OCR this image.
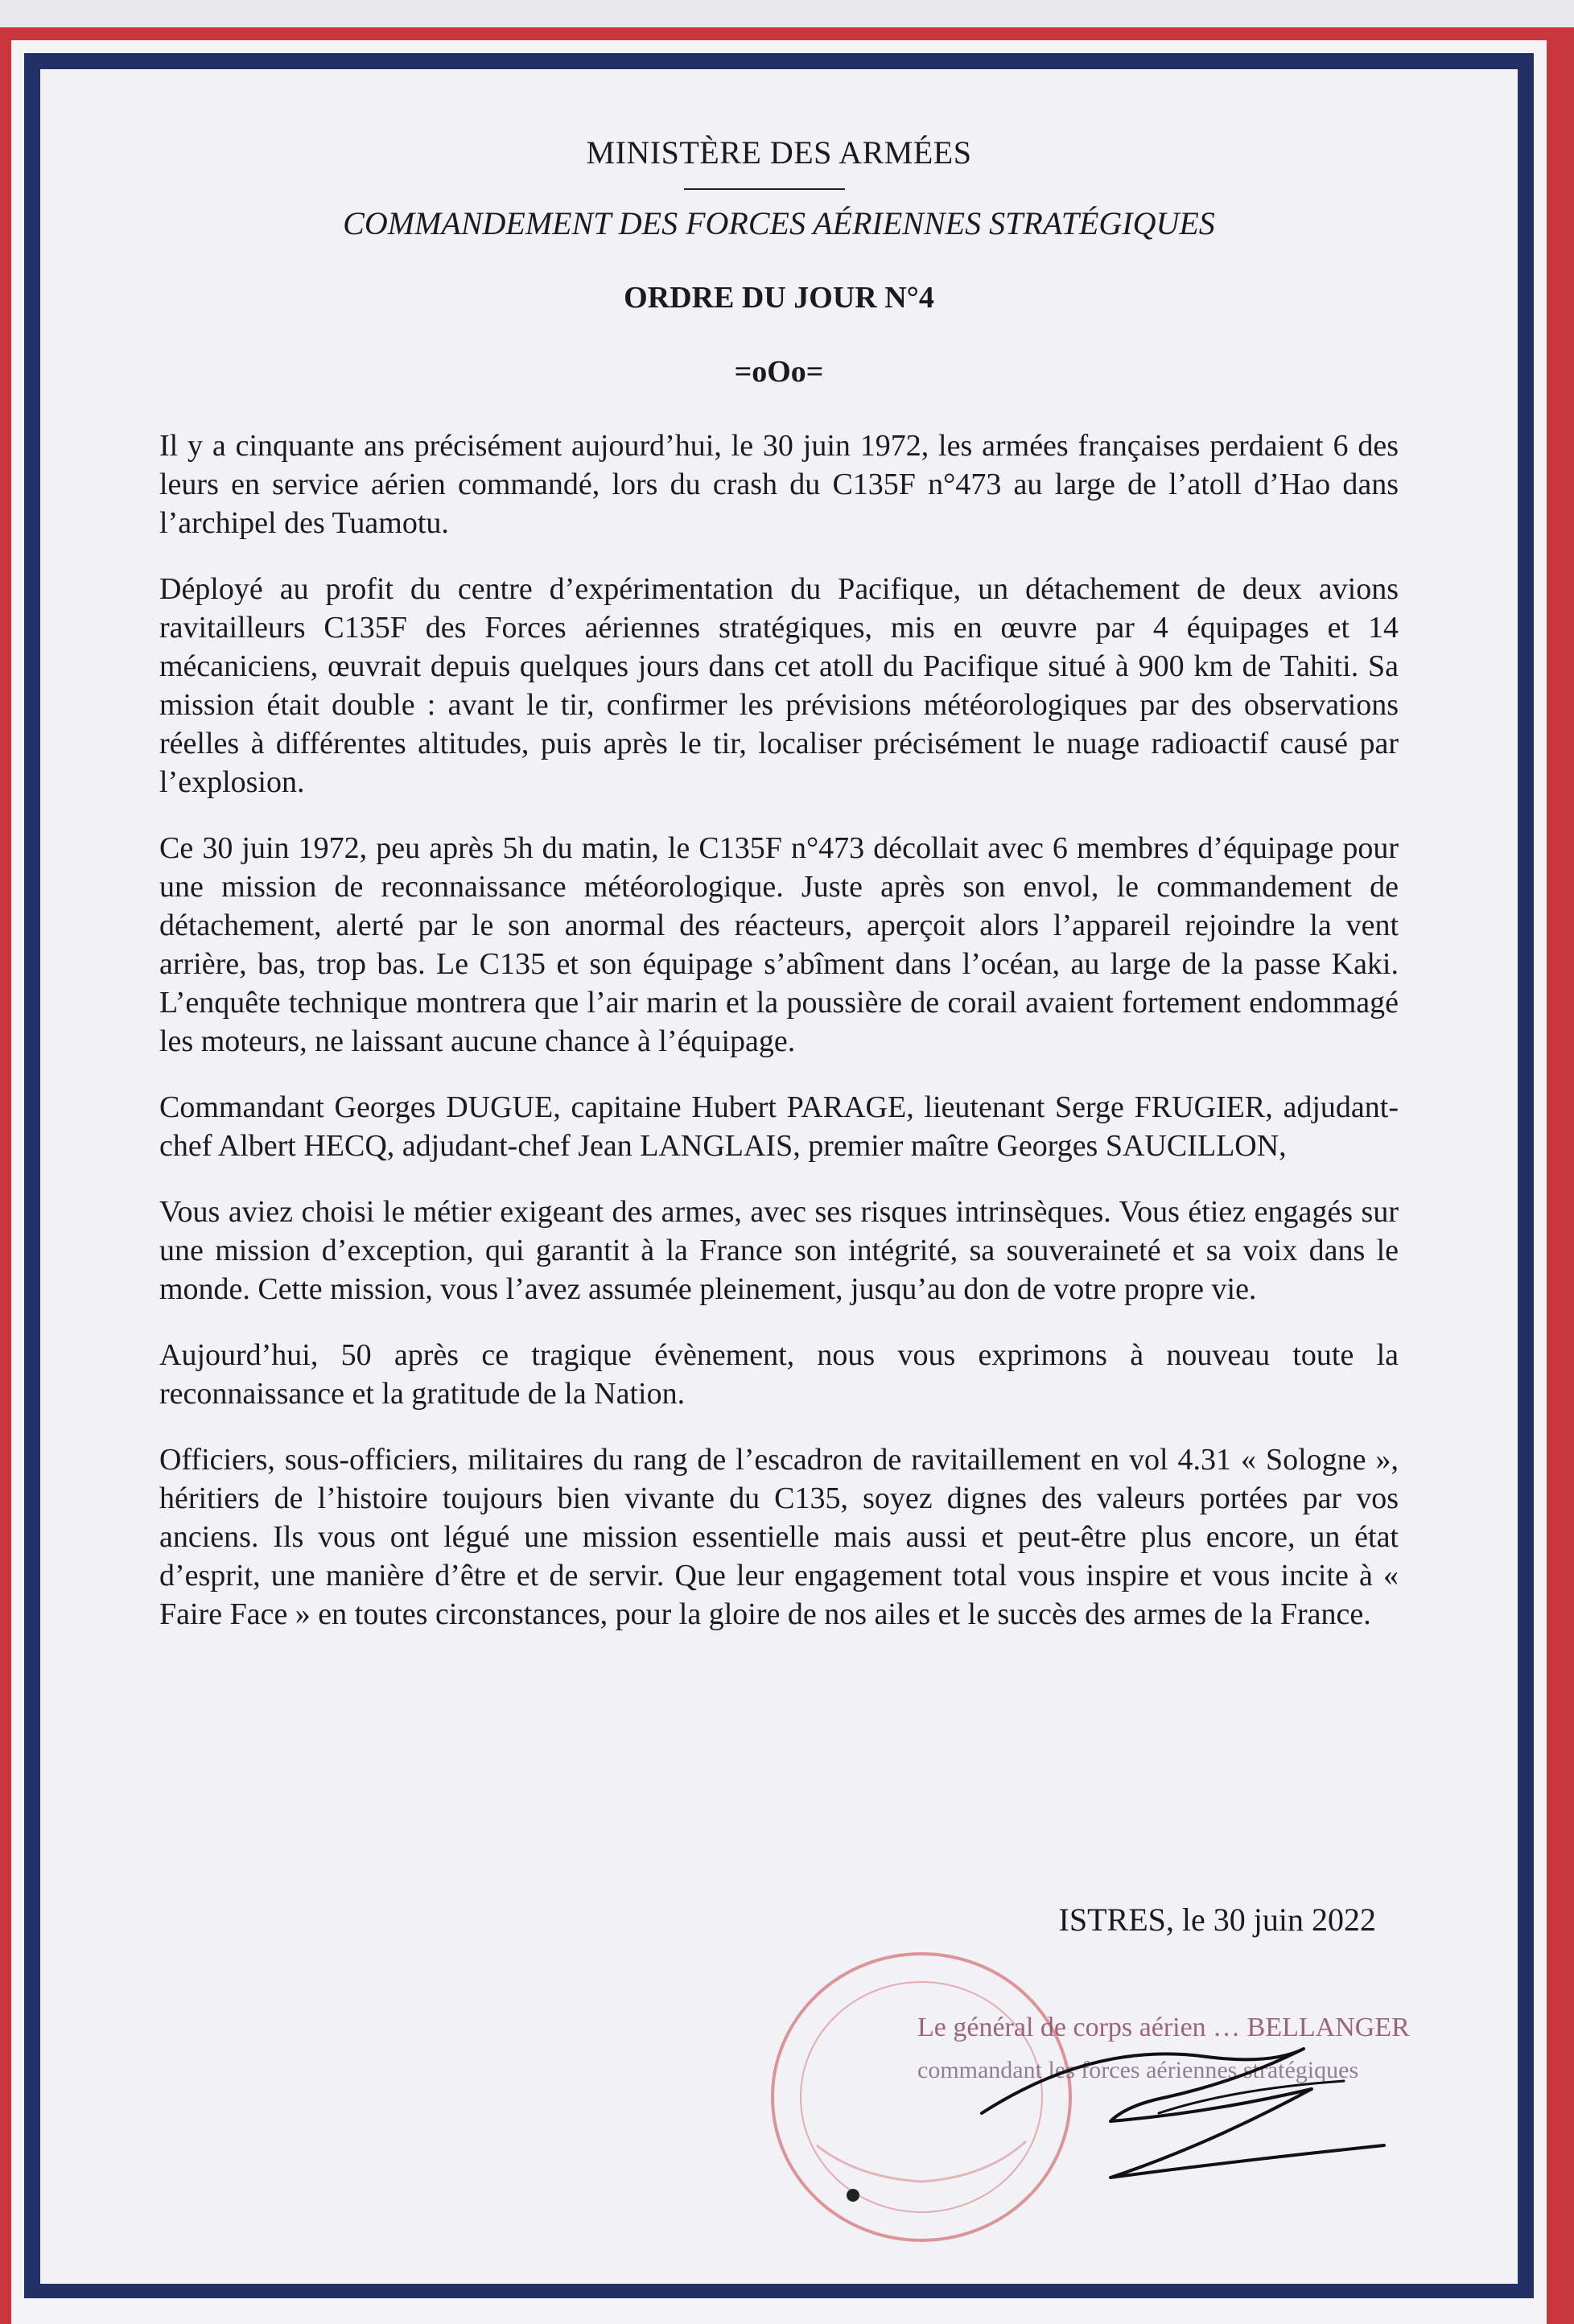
MINISTÈRE DES ARMÉES
COMMANDEMENT DES FORCES AÉRIENNES STRATÉGIQUES
ORDRE DU JOUR N°4
=oOo=

Il y a cinquante ans précisément aujourd’hui, le 30 juin 1972, les armées françaises perdaient 6 des leurs en service aérien commandé, lors du crash du C135F n°473 au large de l’atoll d’Hao dans l’archipel des Tuamotu.

Déployé au profit du centre d’expérimentation du Pacifique, un détachement de deux avions ravitailleurs C135F des Forces aériennes stratégiques, mis en œuvre par 4 équipages et 14 mécaniciens, œuvrait depuis quelques jours dans cet atoll du Pacifique situé à 900 km de Tahiti. Sa mission était double : avant le tir, confirmer les prévisions météorologiques par des observations réelles à différentes altitudes, puis après le tir, localiser précisément le nuage radioactif causé par l’explosion.

Ce 30 juin 1972, peu après 5h du matin, le C135F n°473 décollait avec 6 membres d’équipage pour une mission de reconnaissance météorologique. Juste après son envol, le commandement de détachement, alerté par le son anormal des réacteurs, aperçoit alors l’appareil rejoindre la vent arrière, bas, trop bas. Le C135 et son équipage s’abîment dans l’océan, au large de la passe Kaki. L’enquête technique montrera que l’air marin et la poussière de corail avaient fortement endommagé les moteurs, ne laissant aucune chance à l’équipage.

Commandant Georges DUGUE, capitaine Hubert PARAGE, lieutenant Serge FRUGIER, adjudant-chef Albert HECQ, adjudant-chef Jean LANGLAIS, premier maître Georges SAUCILLON,

Vous aviez choisi le métier exigeant des armes, avec ses risques intrinsèques. Vous étiez engagés sur une mission d’exception, qui garantit à la France son intégrité, sa souveraineté et sa voix dans le monde. Cette mission, vous l’avez assumée pleinement, jusqu’au don de votre propre vie.

Aujourd’hui, 50 après ce tragique évènement, nous vous exprimons à nouveau toute la reconnaissance et la gratitude de la Nation.

Officiers, sous-officiers, militaires du rang de l’escadron de ravitaillement en vol 4.31 « Sologne », héritiers de l’histoire toujours bien vivante du C135, soyez dignes des valeurs portées par vos anciens. Ils vous ont légué une mission essentielle mais aussi et peut-être plus encore, un état d’esprit, une manière d’être et de servir. Que leur engagement total vous inspire et vous incite à « Faire Face » en toutes circonstances, pour la gloire de nos ailes et le succès des armes de la France.

ISTRES, le 30 juin 2022
Le général de corps aérien … BELLANGER
commandant les forces aériennes stratégiques
